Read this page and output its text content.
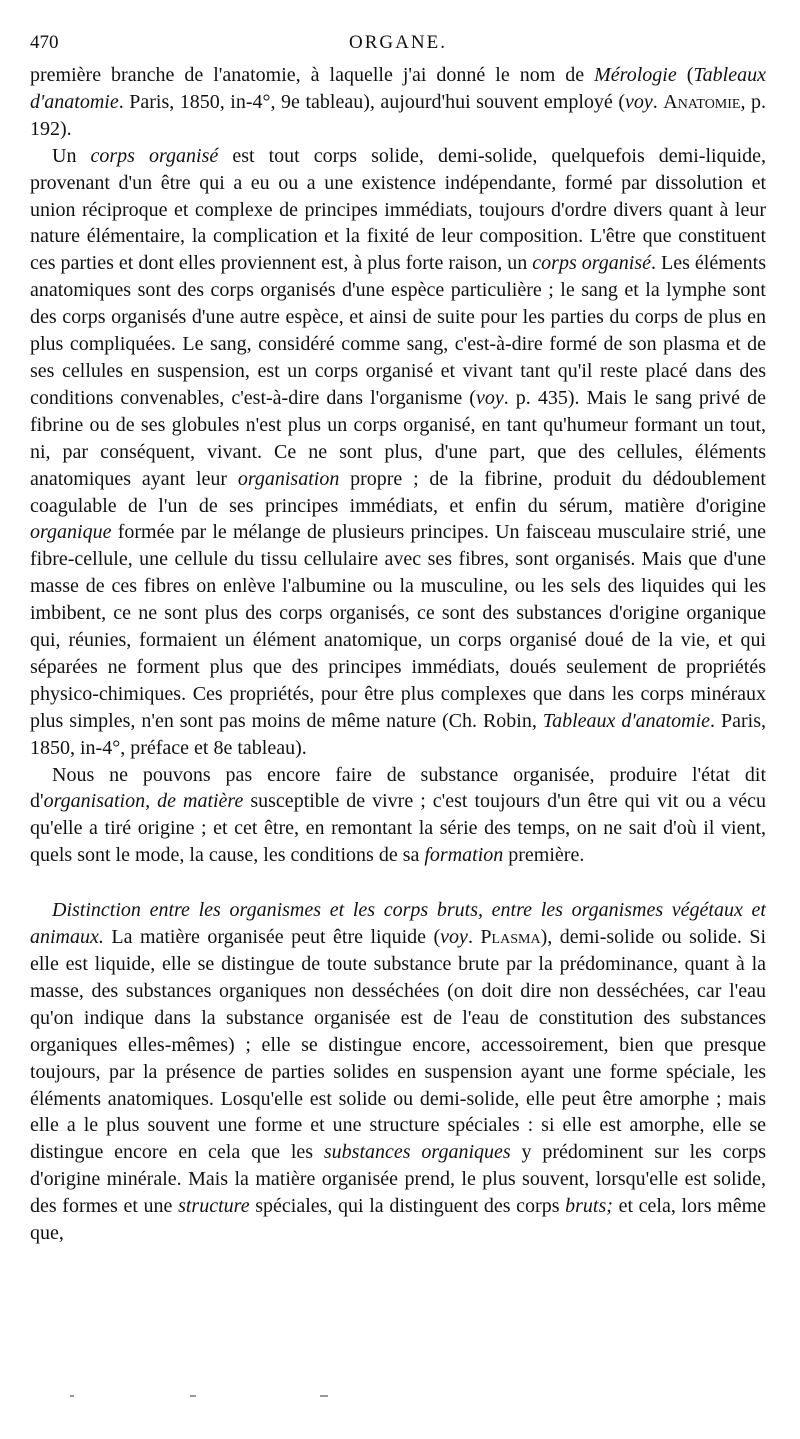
470	ORGANE.

première branche de l'anatomie, à laquelle j'ai donné le nom de Mérologie (Tableaux d'anatomie. Paris, 1850, in-4°, 9e tableau), aujourd'hui souvent employé (voy. Anatomie, p. 192).

Un corps organisé est tout corps solide, demi-solide, quelquefois demi-liquide, provenant d'un être qui a eu ou a une existence indépendante, formé par dissolution et union réciproque et complexe de principes immédiats, toujours d'ordre divers quant à leur nature élémentaire, la complication et la fixité de leur composition. L'être que constituent ces parties et dont elles proviennent est, à plus forte raison, un corps organisé. Les éléments anatomiques sont des corps organisés d'une espèce particulière ; le sang et la lymphe sont des corps organisés d'une autre espèce, et ainsi de suite pour les parties du corps de plus en plus compliquées. Le sang, considéré comme sang, c'est-à-dire formé de son plasma et de ses cellules en suspension, est un corps organisé et vivant tant qu'il reste placé dans des conditions convenables, c'est-à-dire dans l'organisme (voy. p. 435). Mais le sang privé de fibrine ou de ses globules n'est plus un corps organisé, en tant qu'humeur formant un tout, ni, par conséquent, vivant. Ce ne sont plus, d'une part, que des cellules, éléments anatomiques ayant leur organisation propre ; de la fibrine, produit du dédoublement coagulable de l'un de ses principes immédiats, et enfin du sérum, matière d'origine organique formée par le mélange de plusieurs principes. Un faisceau musculaire strié, une fibre-cellule, une cellule du tissu cellulaire avec ses fibres, sont organisés. Mais que d'une masse de ces fibres on enlève l'albumine ou la musculine, ou les sels des liquides qui les imbibent, ce ne sont plus des corps organisés, ce sont des substances d'origine organique qui, réunies, formaient un élément anatomique, un corps organisé doué de la vie, et qui séparées ne forment plus que des principes immédiats, doués seulement de propriétés physico-chimiques. Ces propriétés, pour être plus complexes que dans les corps minéraux plus simples, n'en sont pas moins de même nature (Ch. Robin, Tableaux d'anatomie. Paris, 1850, in-4°, préface et 8e tableau).

Nous ne pouvons pas encore faire de substance organisée, produire l'état dit d'organisation, de matière susceptible de vivre ; c'est toujours d'un être qui vit ou a vécu qu'elle a tiré origine ; et cet être, en remontant la série des temps, on ne sait d'où il vient, quels sont le mode, la cause, les conditions de sa formation première.

Distinction entre les organismes et les corps bruts, entre les organismes végétaux et animaux. La matière organisée peut être liquide (voy. Plasma), demi-solide ou solide. Si elle est liquide, elle se distingue de toute substance brute par la prédominance, quant à la masse, des substances organiques non desséchées (on doit dire non desséchées, car l'eau qu'on indique dans la substance organisée est de l'eau de constitution des substances organiques elles-mêmes) ; elle se distingue encore, accessoirement, bien que presque toujours, par la présence de parties solides en suspension ayant une forme spéciale, les éléments anatomiques. Losqu'elle est solide ou demi-solide, elle peut être amorphe ; mais elle a le plus souvent une forme et une structure spéciales : si elle est amorphe, elle se distingue encore en cela que les substances organiques y prédominent sur les corps d'origine minérale. Mais la matière organisée prend, le plus souvent, lorsqu'elle est solide, des formes et une structure spéciales, qui la distinguent des corps bruts; et cela, lors même que,
